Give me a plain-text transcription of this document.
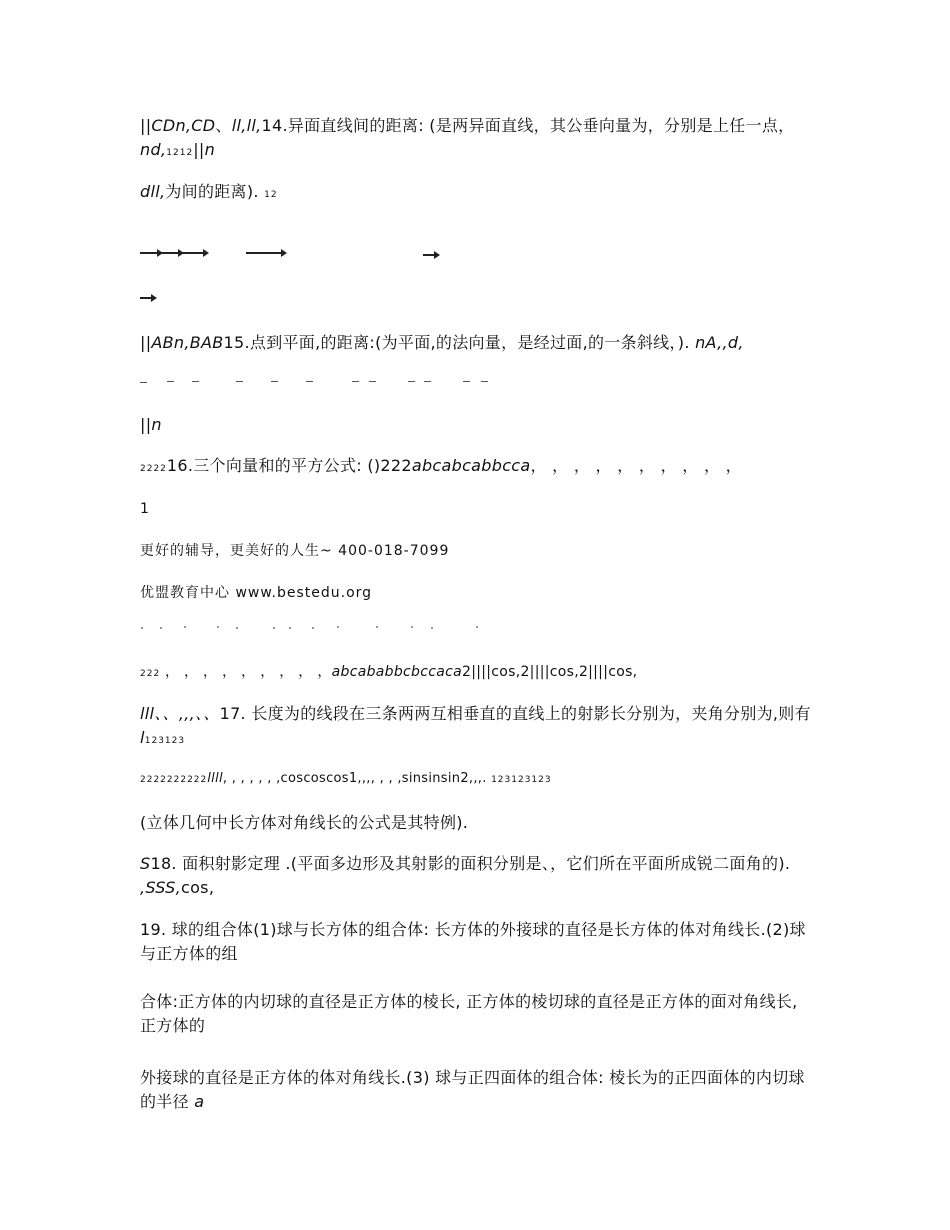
||CDn,CD、ll,ll,14.异面直线间的距离: (是两异面直线，其公垂向量为，分别是上任一点，nd,1212||n
dll,为间的距离). 12
||ABn,BAB15.点到平面,的距离:(为平面,的法向量，是经过面,的一条斜线，). nA,,d,
||n
222216.三个向量和的平方公式: ()222abcabcabbcca， ， ， ， ， ， ， ， ， ，
1
更好的辅导，更美好的人生~ 400-018-7099
优盟教育中心 www.bestedu.org
222 ， ， ， ， ， ， ， ， ，abcababbcbccaca2||||cos,2||||cos,2||||cos,
lll、、,,,、、17. 长度为的线段在三条两两互相垂直的直线上的射影长分别为，夹角分别为,则有 l123123
2222222222llll, , , , , , ,coscoscos1,,,, , , ,sinsinsin2,,,. 123123123
(立体几何中长方体对角线长的公式是其特例).
S18. 面积射影定理 .(平面多边形及其射影的面积分别是、，它们所在平面所成锐二面角的). ,SSS,cos,
19. 球的组合体(1)球与长方体的组合体: 长方体的外接球的直径是长方体的体对角线长.(2)球与正方体的组
合体:正方体的内切球的直径是正方体的棱长, 正方体的棱切球的直径是正方体的面对角线长, 正方体的
外接球的直径是正方体的体对角线长.(3) 球与正四面体的组合体: 棱长为的正四面体的内切球的半径 a
